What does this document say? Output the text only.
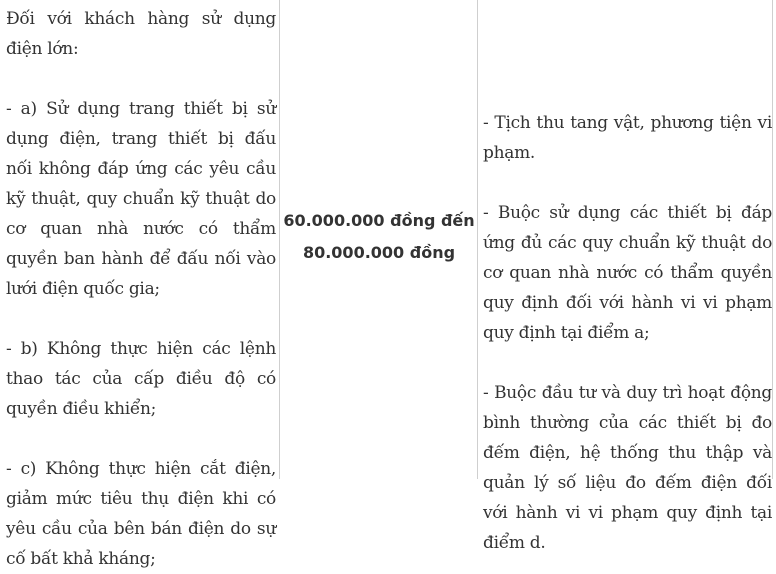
Đối với khách hàng sử dụng điện lớn:

- a) Sử dụng trang thiết bị sử dụng điện, trang thiết bị đấu nối không đáp ứng các yêu cầu kỹ thuật, quy chuẩn kỹ thuật do cơ quan nhà nước có thẩm quyền ban hành để đấu nối vào lưới điện quốc gia;

- b) Không thực hiện các lệnh thao tác của cấp điều độ có quyền điều khiển;

- c) Không thực hiện cắt điện, giảm mức tiêu thụ điện khi có yêu cầu của bên bán điện do sự cố bất khả kháng;

60.000.000 đồng đến
80.000.000 đồng

- Tịch thu tang vật, phương tiện vi phạm.

- Buộc sử dụng các thiết bị đáp ứng đủ các quy chuẩn kỹ thuật do cơ quan nhà nước có thẩm quyền quy định đối với hành vi vi phạm quy định tại điểm a;

- Buộc đầu tư và duy trì hoạt động bình thường của các thiết bị đo đếm điện, hệ thống thu thập và quản lý số liệu đo đếm điện đối với hành vi vi phạm quy định tại điểm d.
